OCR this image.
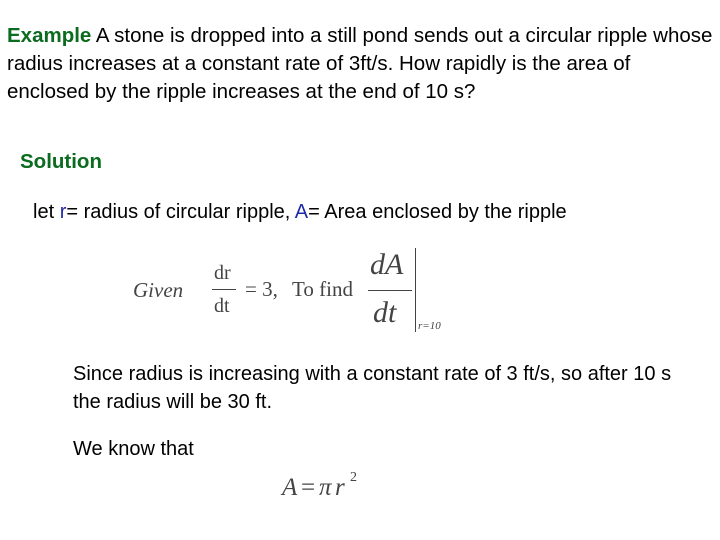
Example A stone is dropped into a still pond sends out a circular ripple whose radius increases at a constant rate of 3ft/s. How rapidly is the area of enclosed by the ripple increases at the end of 10 s?

Solution

let r= radius of circular ripple, A= Area enclosed by the ripple

Given
dr
dt
= 3, To find
dA
dt r=10

Since radius is increasing with a constant rate of 3 ft/s, so after 10 s the radius will be 30 ft.

We know that

A = π r 2
